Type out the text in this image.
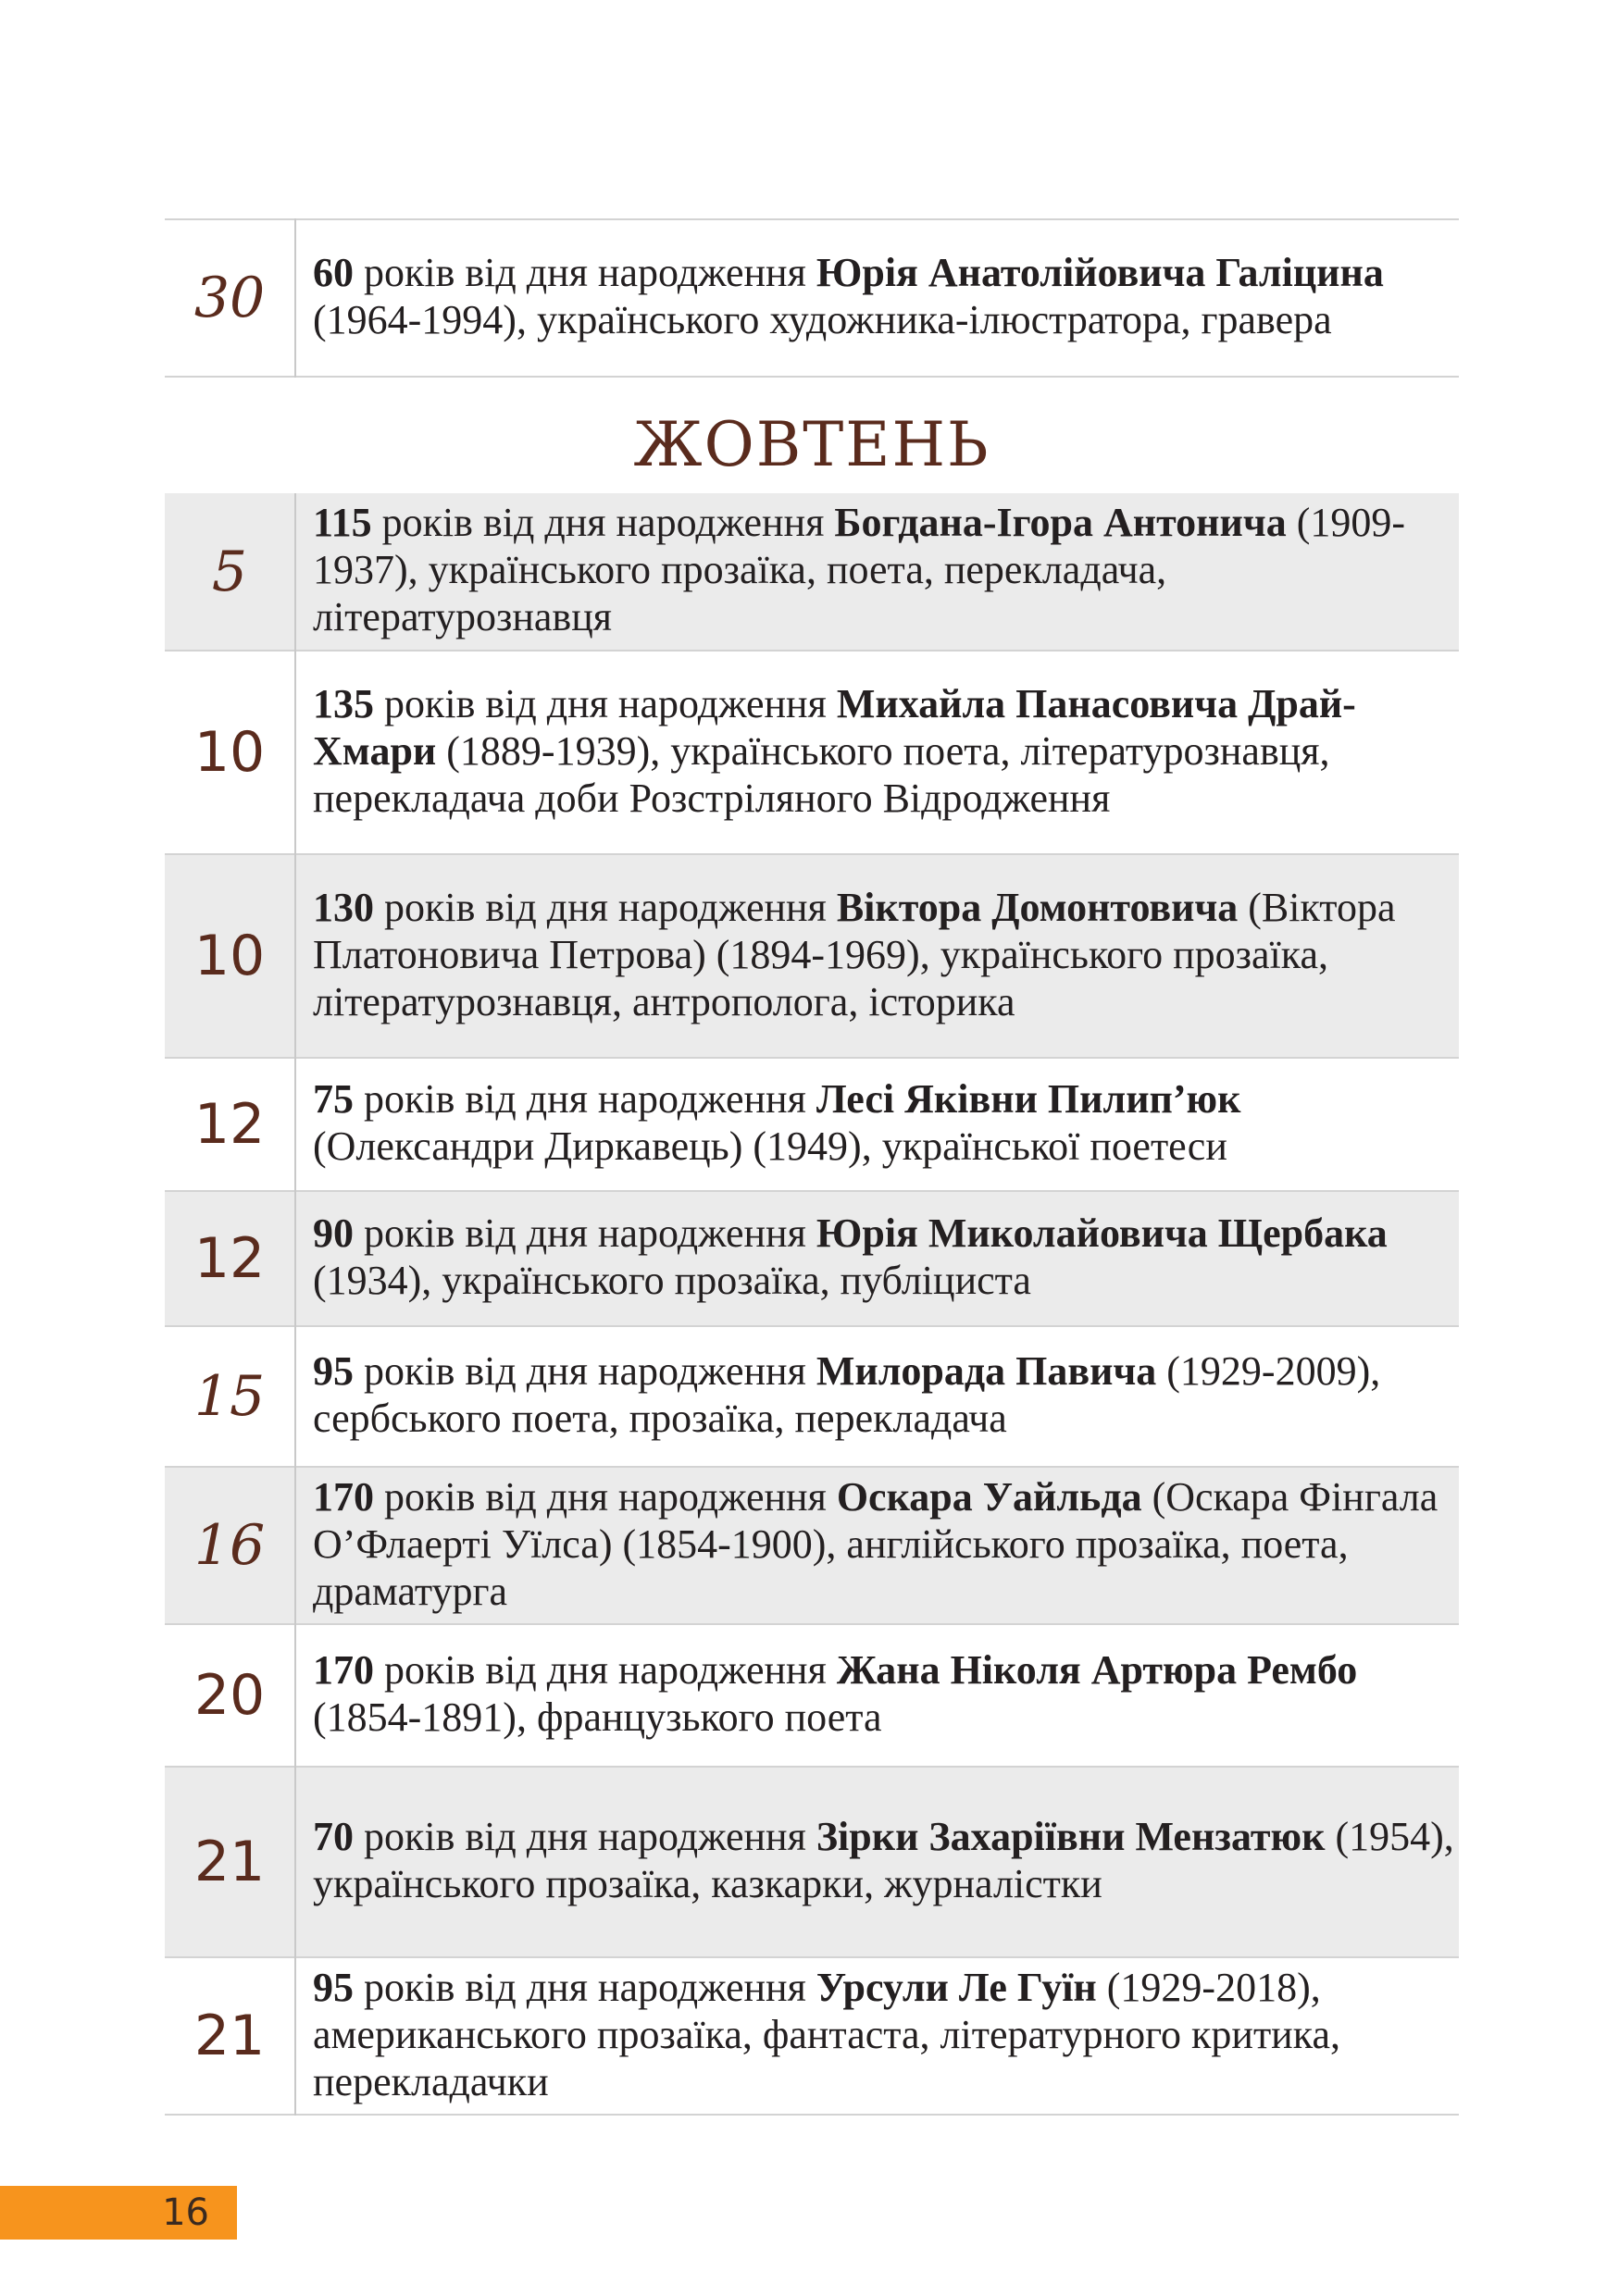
30	60 років від дня народження Юрія Анатолійовича Галіцина (1964-1994), українського художника-ілюстратора, гравера
ЖОВТЕНЬ
5	115 років від дня народження Богдана-Ігора Антонича (1909-1937), українського прозаїка, поета, перекладача, літературознавця
10	135 років від дня народження Михайла Панасовича Драй-Хмари (1889-1939), українського поета, літературознавця, перекладача доби Розстріляного Відродження
10	130 років від дня народження Віктора Домонтовича (Віктора Платоновича Петрова) (1894-1969), українського прозаїка, літературознавця, антрополога, історика
12	75 років від дня народження Лесі Яківни Пилип’юк (Олександри Диркавець) (1949), української поетеси
12	90 років від дня народження Юрія Миколайовича Щербака (1934), українського прозаїка, публіциста
15	95 років від дня народження Милорада Павича (1929-2009), сербського поета, прозаїка, перекладача
16	170 років від дня народження Оскара Уайльда (Оскара Фінгала О’Флаерті Уїлса) (1854-1900), англійського прозаїка, поета, драматурга
20	170 років від дня народження Жана Ніколя Артюра Рембо (1854-1891), французького поета
21	70 років від дня народження Зірки Захаріївни Мензатюк (1954), українського прозаїка, казкарки, журналістки
21	95 років від дня народження Урсули Ле Гуїн (1929-2018), американського прозаїка, фантаста, літературного критика, перекладачки
16
